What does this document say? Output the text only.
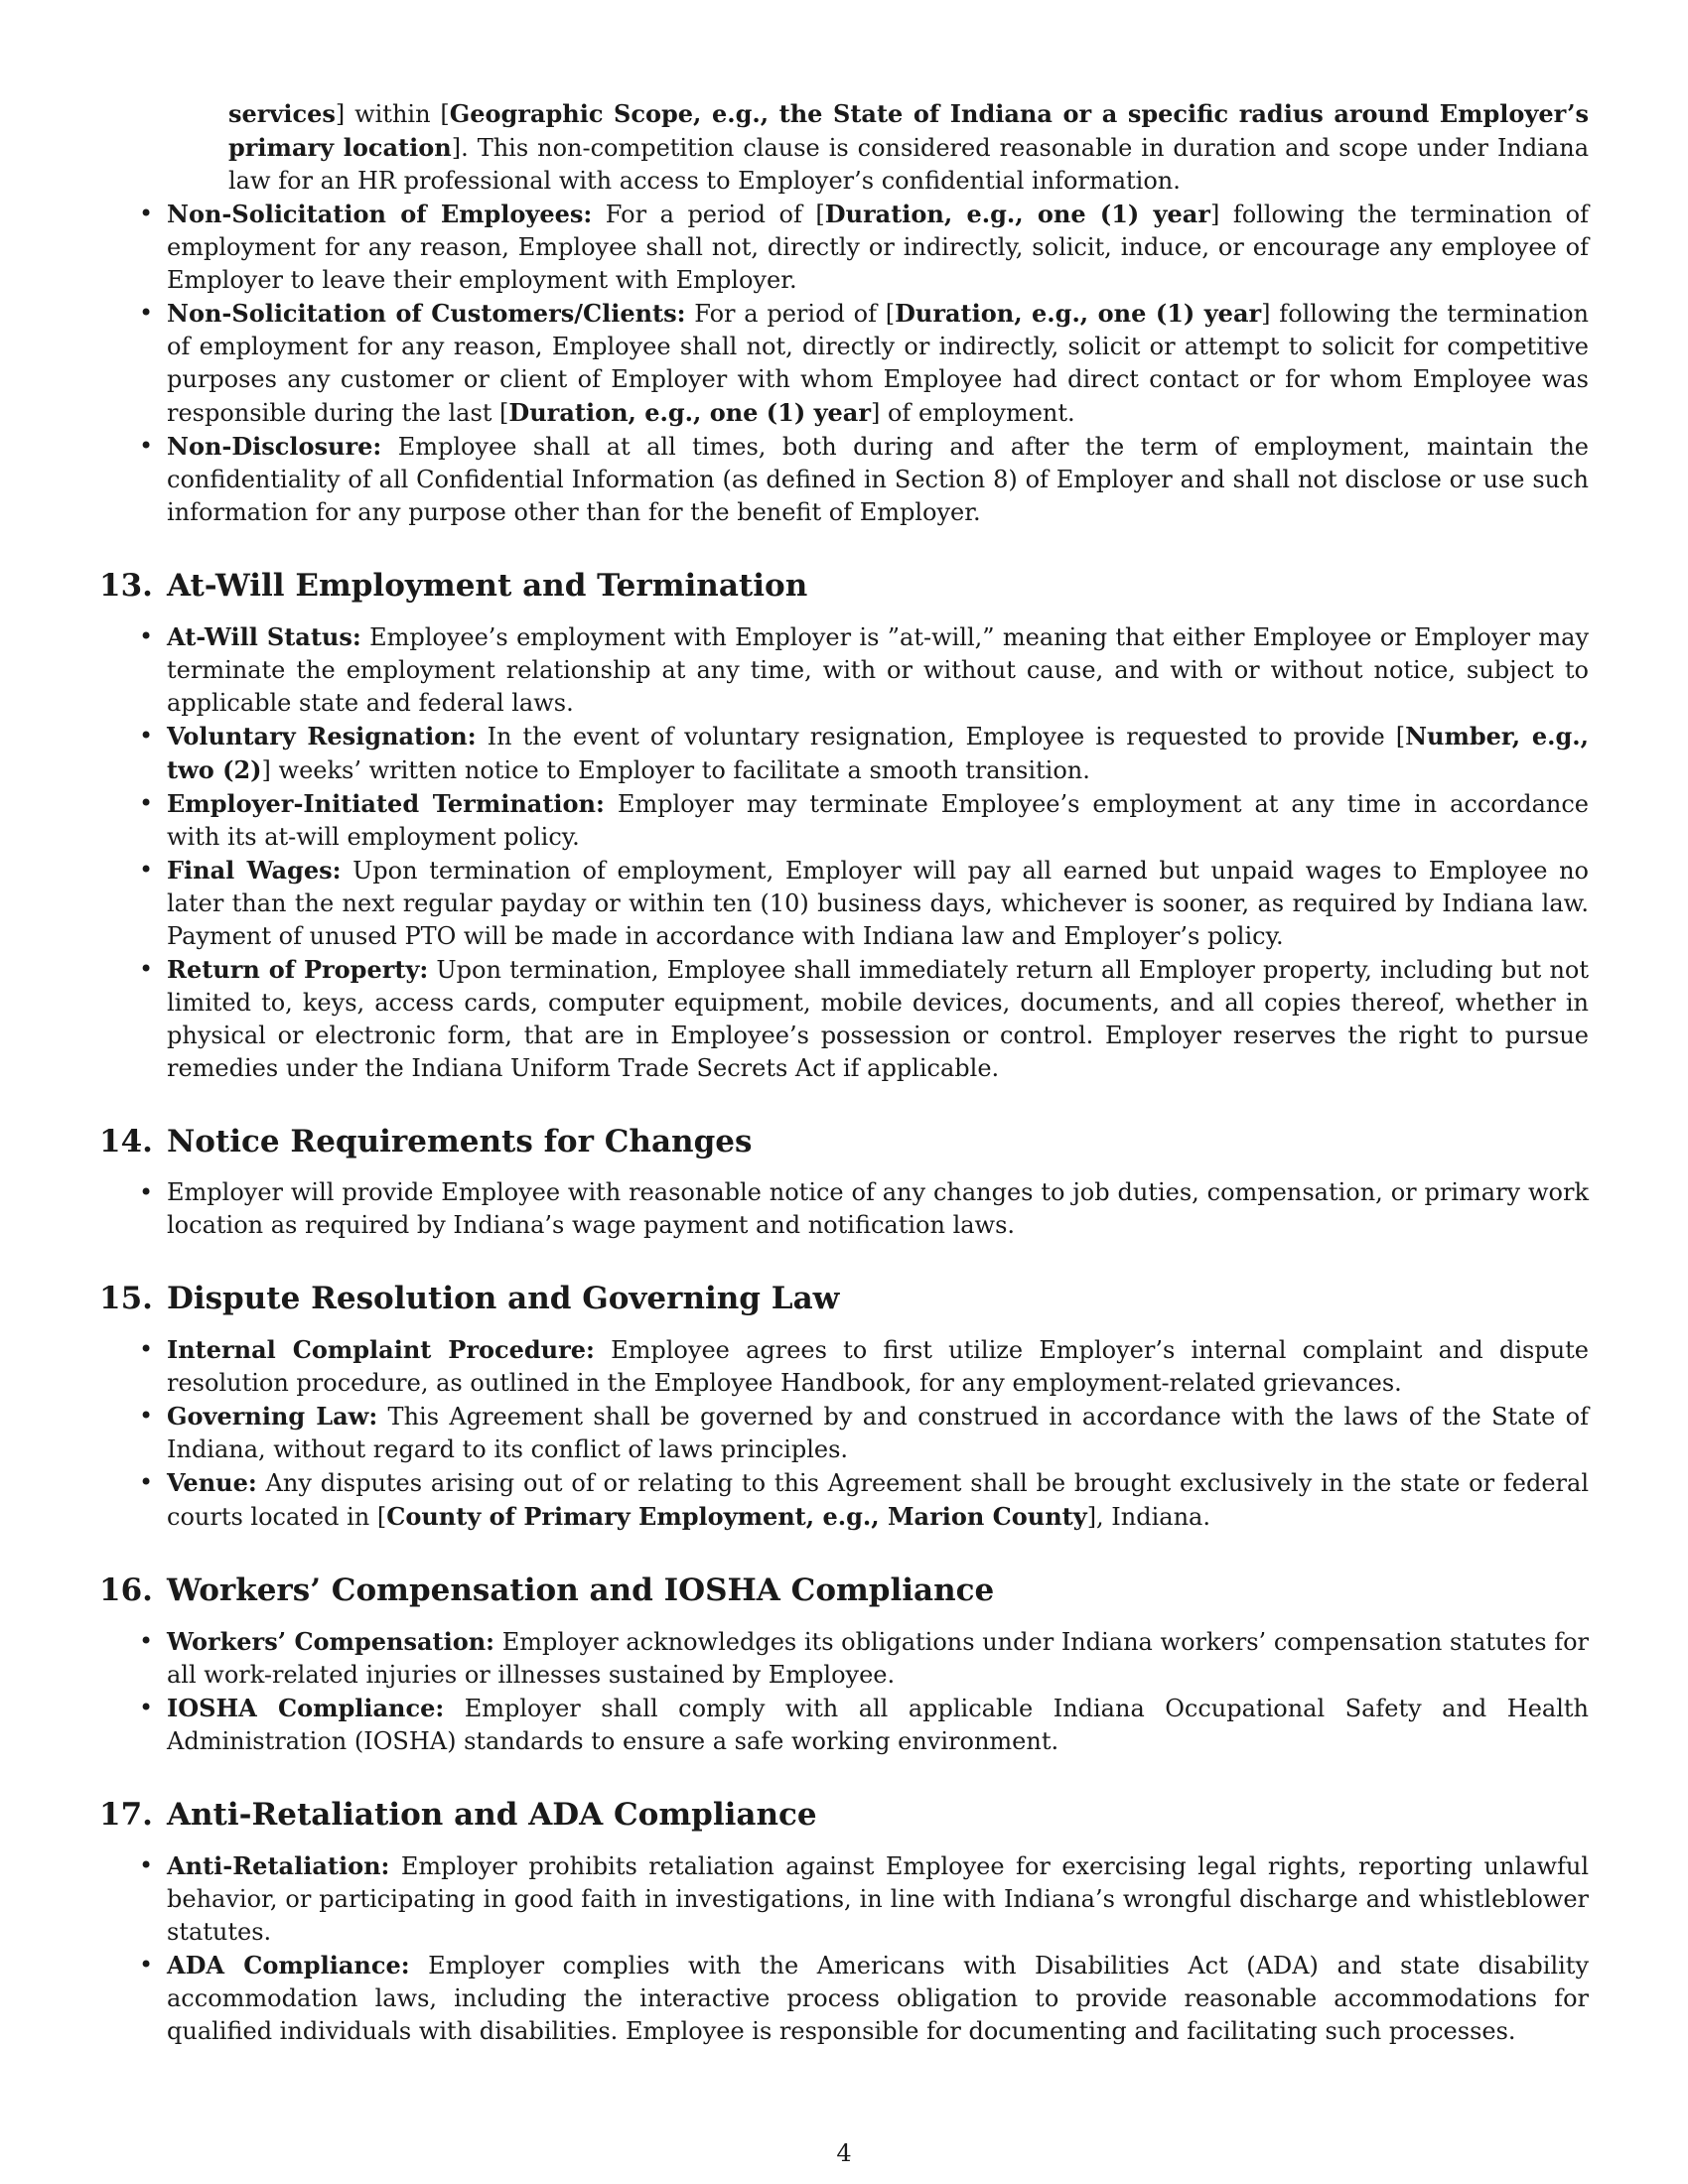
services] within [Geographic Scope, e.g., the State of Indiana or a specific radius around Employer’s primary location]. This non-competition clause is considered reasonable in duration and scope under Indiana law for an HR professional with access to Employer’s confidential information.
• Non-Solicitation of Employees: For a period of [Duration, e.g., one (1) year] following the termination of employment for any reason, Employee shall not, directly or indirectly, solicit, induce, or encourage any employee of Employer to leave their employment with Employer.
• Non-Solicitation of Customers/Clients: For a period of [Duration, e.g., one (1) year] following the termination of employment for any reason, Employee shall not, directly or indirectly, solicit or attempt to solicit for competitive purposes any customer or client of Employer with whom Employee had direct contact or for whom Employee was responsible during the last [Duration, e.g., one (1) year] of employment.
• Non-Disclosure: Employee shall at all times, both during and after the term of employment, maintain the confidentiality of all Confidential Information (as defined in Section 8) of Employer and shall not disclose or use such information for any purpose other than for the benefit of Employer.
13. At-Will Employment and Termination
• At-Will Status: Employee’s employment with Employer is ”at-will,” meaning that either Employee or Employer may terminate the employment relationship at any time, with or without cause, and with or without notice, subject to applicable state and federal laws.
• Voluntary Resignation: In the event of voluntary resignation, Employee is requested to provide [Number, e.g., two (2)] weeks’ written notice to Employer to facilitate a smooth transition.
• Employer-Initiated Termination: Employer may terminate Employee’s employment at any time in accordance with its at-will employment policy.
• Final Wages: Upon termination of employment, Employer will pay all earned but unpaid wages to Employee no later than the next regular payday or within ten (10) business days, whichever is sooner, as required by Indiana law. Payment of unused PTO will be made in accordance with Indiana law and Employer’s policy.
• Return of Property: Upon termination, Employee shall immediately return all Employer property, including but not limited to, keys, access cards, computer equipment, mobile devices, documents, and all copies thereof, whether in physical or electronic form, that are in Employee’s possession or control. Employer reserves the right to pursue remedies under the Indiana Uniform Trade Secrets Act if applicable.
14. Notice Requirements for Changes
• Employer will provide Employee with reasonable notice of any changes to job duties, compensation, or primary work location as required by Indiana’s wage payment and notification laws.
15. Dispute Resolution and Governing Law
• Internal Complaint Procedure: Employee agrees to first utilize Employer’s internal complaint and dispute resolution procedure, as outlined in the Employee Handbook, for any employment-related grievances.
• Governing Law: This Agreement shall be governed by and construed in accordance with the laws of the State of Indiana, without regard to its conflict of laws principles.
• Venue: Any disputes arising out of or relating to this Agreement shall be brought exclusively in the state or federal courts located in [County of Primary Employment, e.g., Marion County], Indiana.
16. Workers’ Compensation and IOSHA Compliance
• Workers’ Compensation: Employer acknowledges its obligations under Indiana workers’ compensation statutes for all work-related injuries or illnesses sustained by Employee.
• IOSHA Compliance: Employer shall comply with all applicable Indiana Occupational Safety and Health Administration (IOSHA) standards to ensure a safe working environment.
17. Anti-Retaliation and ADA Compliance
• Anti-Retaliation: Employer prohibits retaliation against Employee for exercising legal rights, reporting unlawful behavior, or participating in good faith in investigations, in line with Indiana’s wrongful discharge and whistleblower statutes.
• ADA Compliance: Employer complies with the Americans with Disabilities Act (ADA) and state disability accommodation laws, including the interactive process obligation to provide reasonable accommodations for qualified individuals with disabilities. Employee is responsible for documenting and facilitating such processes.
4
